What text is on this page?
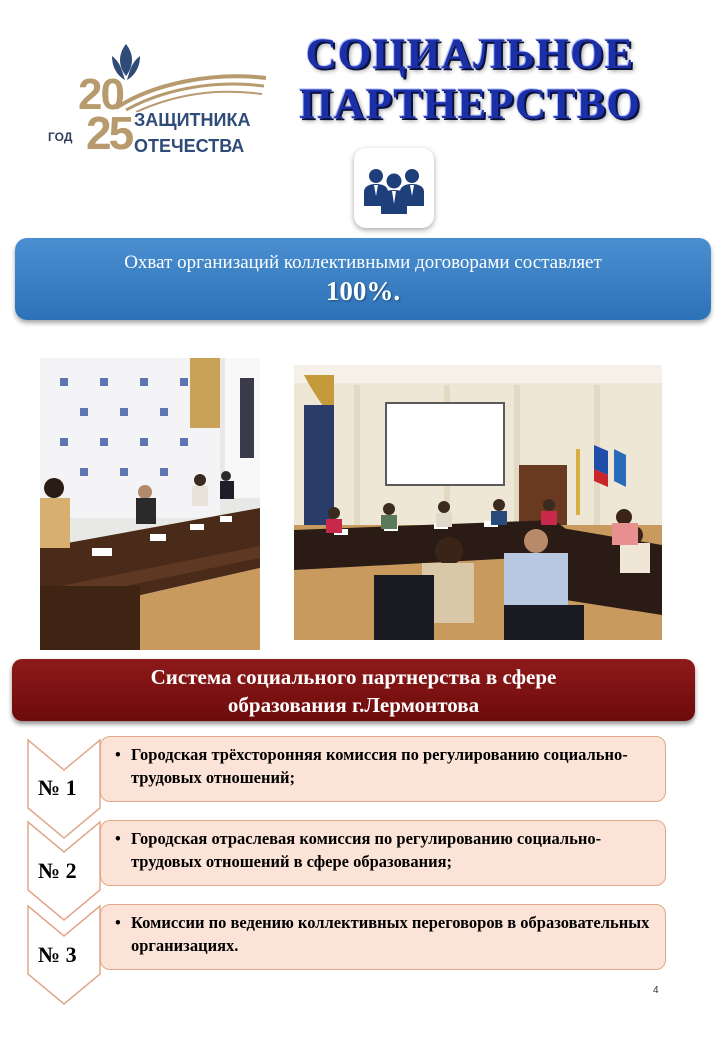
20
ГОД 25 ЗАЩИТНИКА
ОТЕЧЕСТВА
СОЦИАЛЬНОЕ
ПАРТНЕРСТВО
Охват организаций коллективными договорами составляет
100%.
Система социального партнерства в сфере
образования г.Лермонтова
№ 1
• Городская трёхсторонняя комиссия по регулированию социально-трудовых отношений;
№ 2
• Городская отраслевая комиссия по регулированию социально-трудовых отношений в сфере образования;
№ 3
• Комиссии по ведению коллективных переговоров в образовательных организациях.
4
